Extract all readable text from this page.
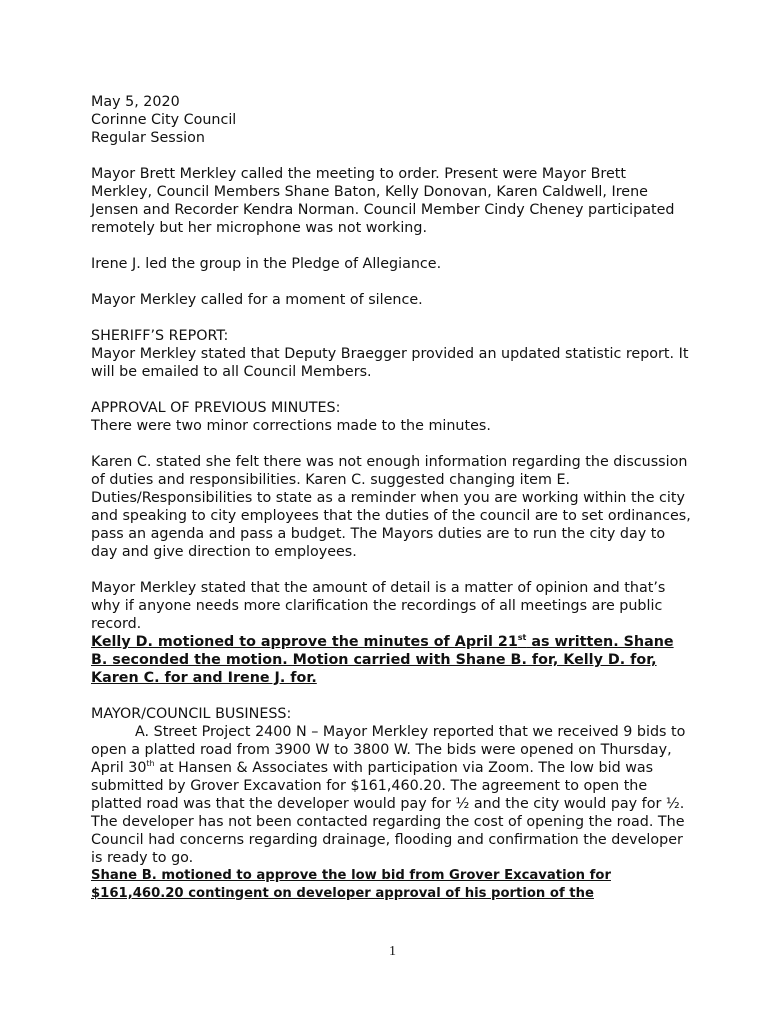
May 5, 2020

Corinne City Council

Regular Session

Mayor Brett Merkley called the meeting to order. Present were Mayor Brett Merkley, Council Members Shane Baton, Kelly Donovan, Karen Caldwell, Irene Jensen and Recorder Kendra Norman. Council Member Cindy Cheney participated remotely but her microphone was not working.

Irene J. led the group in the Pledge of Allegiance.

Mayor Merkley called for a moment of silence.

SHERIFF’S REPORT:

Mayor Merkley stated that Deputy Braegger provided an updated statistic report. It will be emailed to all Council Members.

APPROVAL OF PREVIOUS MINUTES:

There were two minor corrections made to the minutes.

Karen C. stated she felt there was not enough information regarding the discussion of duties and responsibilities. Karen C. suggested changing item E. Duties/Responsibilities to state as a reminder when you are working within the city and speaking to city employees that the duties of the council are to set ordinances, pass an agenda and pass a budget. The Mayors duties are to run the city day to day and give direction to employees.

Mayor Merkley stated that the amount of detail is a matter of opinion and that’s why if anyone needs more clarification the recordings of all meetings are public record.

Kelly D. motioned to approve the minutes of April 21st as written. Shane B. seconded the motion. Motion carried with Shane B. for, Kelly D. for, Karen C. for and Irene J. for.

MAYOR/COUNCIL BUSINESS:

A. Street Project 2400 N – Mayor Merkley reported that we received 9 bids to open a platted road from 3900 W to 3800 W. The bids were opened on Thursday, April 30th at Hansen & Associates with participation via Zoom. The low bid was submitted by Grover Excavation for $161,460.20. The agreement to open the platted road was that the developer would pay for ½ and the city would pay for ½. The developer has not been contacted regarding the cost of opening the road. The Council had concerns regarding drainage, flooding and confirmation the developer is ready to go.

Shane B. motioned to approve the low bid from Grover Excavation for $161,460.20 contingent on developer approval of his portion of the

1
